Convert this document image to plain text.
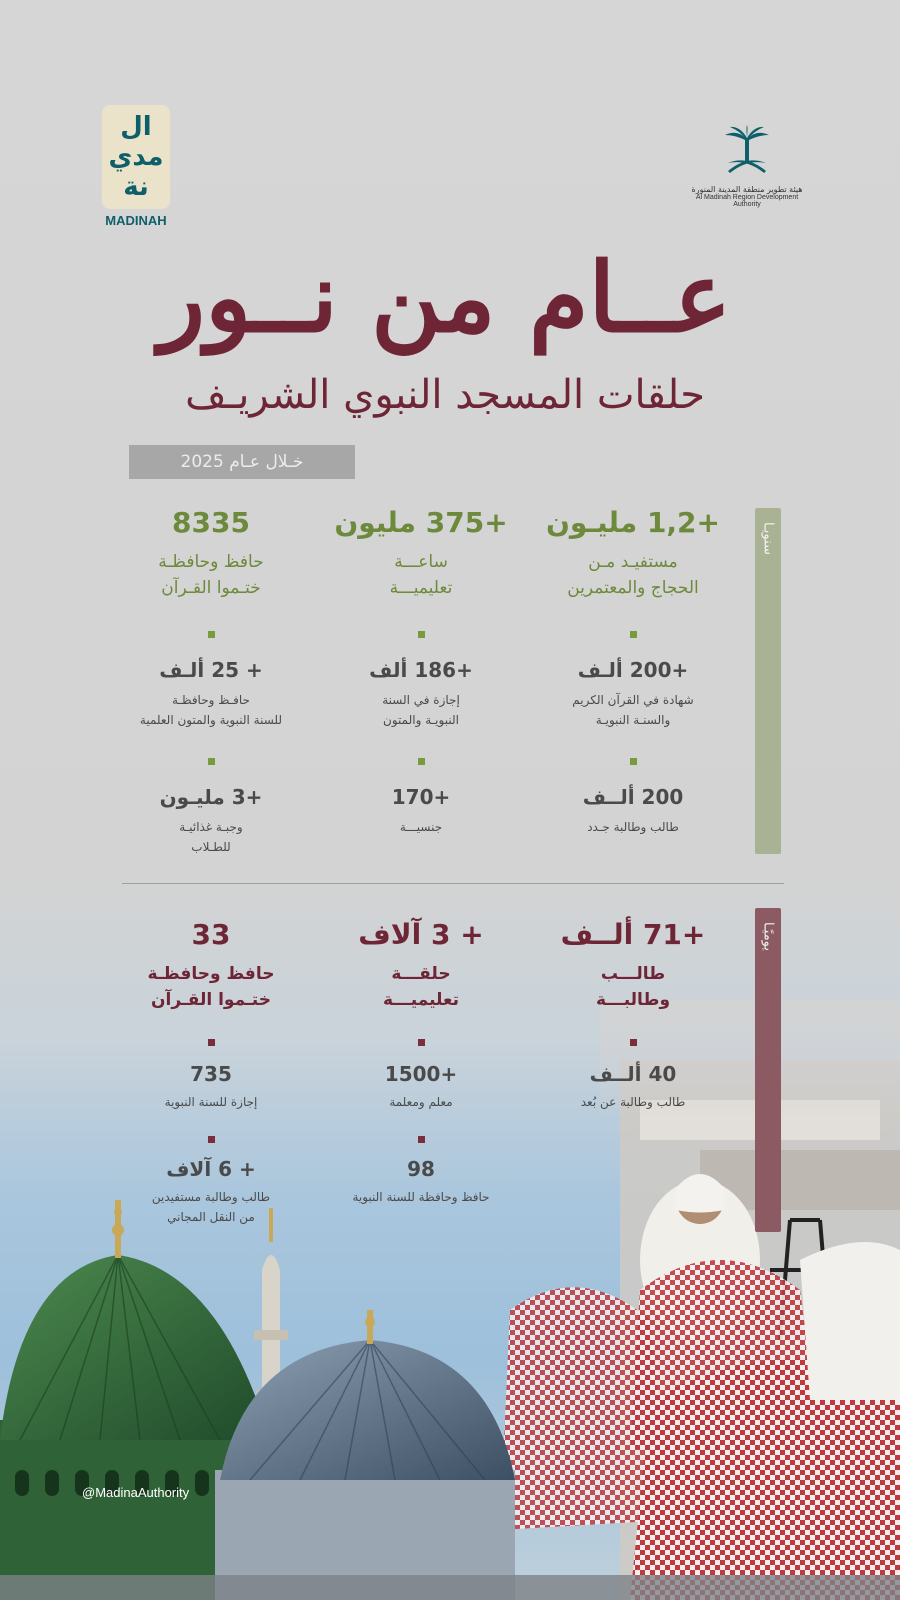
ال مدي نة
MADINAH
هيئة تطوير منطقة المدينة المنورة
Al Madinah Region Development Authority
عــام من نــور
حلقات المسجد النبوي الشريـف
خـلال عـام 2025
سنويـا
+1,2 مليـون
مستفيـد مـن
الحجاج والمعتمرين
+200 ألـف
شهادة في القرآن الكريم
والسنـة النبويـة
200 ألــف
طالب وطالبة جـدد
+375 مليون
ساعـــة
تعليميـــة
+186 ألف
إجازة في السنة
النبويـة والمتون
+170
جنسيـــة
8335
حافظ وحافظـة
ختـموا القـرآن
+ 25 ألـف
حافـظ وحافظـة
للسنة النبوية والمتون العلمية
+3 مليـون
وجبـة غذائيـة
للطـلاب
يوميًـا
+71 ألــف
طالـــب
وطالبـــة
40 ألــف
طالب وطالبة عن بُعد
+ 3 آلاف
حلقـــة
تعليميـــة
+1500
معلم ومعلمة
98
حافظ وحافظة للسنة النبوية
33
حافظ وحافظـة
ختـموا القـرآن
735
إجازة للسنة النبوية
+ 6 آلاف
طالب وطالبة مستفيدين
من النقل المجاني
@MadinaAuthority
